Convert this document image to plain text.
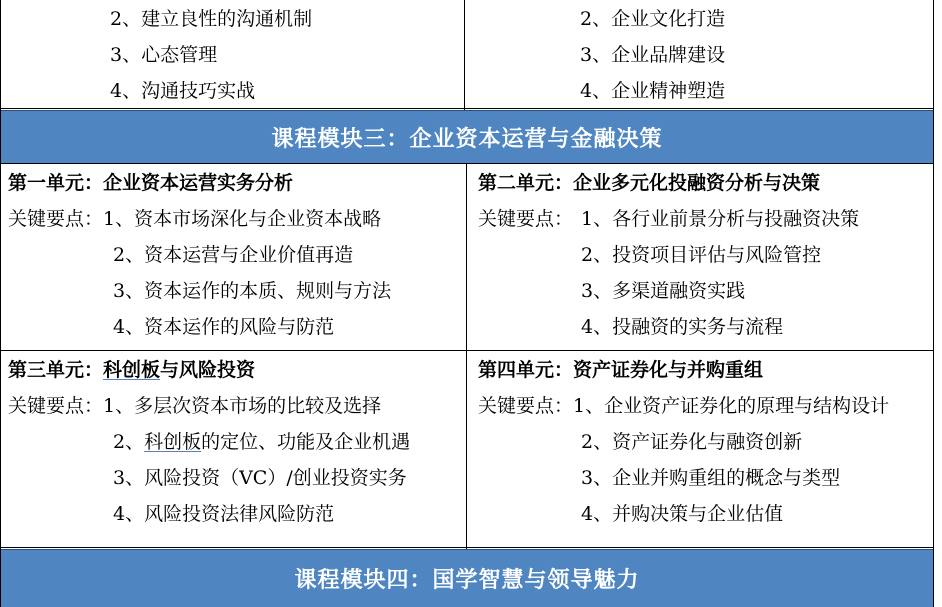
2、建立良性的沟通机制
3、心态管理
4、沟通技巧实战
2、企业文化打造
3、企业品牌建设
4、企业精神塑造
课程模块三：企业资本运营与金融决策
第一单元：企业资本运营实务分析
关键要点：1、资本市场深化与企业资本战略
2、资本运营与企业价值再造
3、资本运作的本质、规则与方法
4、资本运作的风险与防范
第二单元：企业多元化投融资分析与决策
关键要点： 1、各行业前景分析与投融资决策
2、投资项目评估与风险管控
3、多渠道融资实践
4、投融资的实务与流程
第三单元：科创板与风险投资
关键要点：1、多层次资本市场的比较及选择
2、科创板的定位、功能及企业机遇
3、风险投资（VC）/创业投资实务
4、风险投资法律风险防范
第四单元：资产证券化与并购重组
关键要点：1、企业资产证券化的原理与结构设计
2、资产证券化与融资创新
3、企业并购重组的概念与类型
4、并购决策与企业估值
课程模块四：国学智慧与领导魅力
